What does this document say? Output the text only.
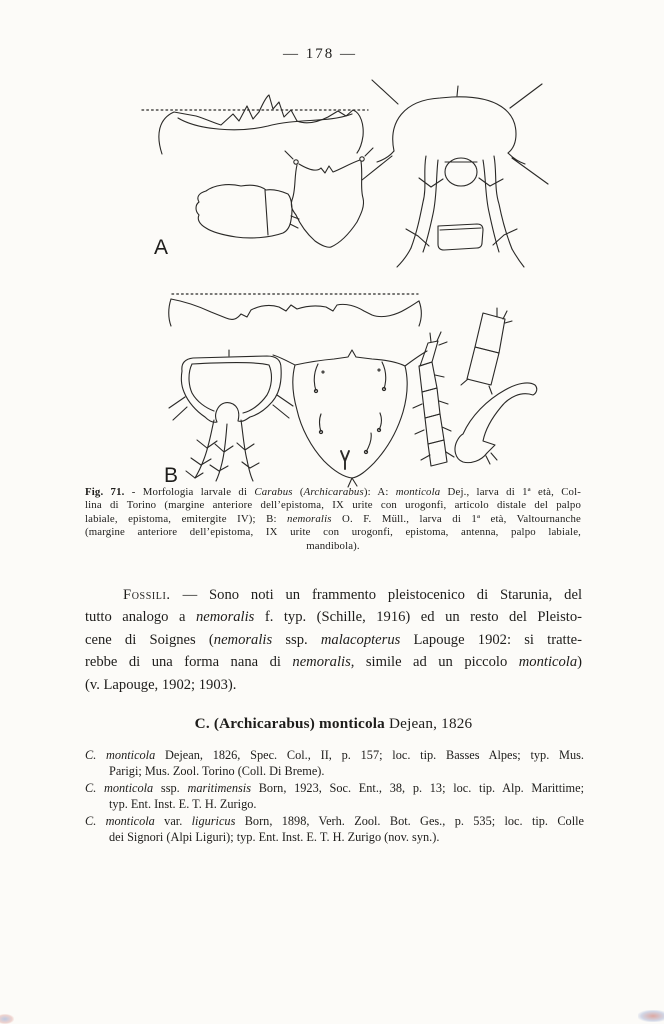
— 178 —
A
B
Fig. 71. - Morfologia larvale di Carabus (Archicarabus): A: monticola Dej., larva di 1ª età, Col-
lina di Torino (margine anteriore dell’epistoma, IX urite con urogonfi, articolo distale del palpo
labiale, epistoma, emitergite IV); B: nemoralis O. F. Müll., larva di 1ª età, Valtournanche
(margine anteriore dell’epistoma, IX urite con urogonfi, epistoma, antenna, palpo labiale,
mandibola).
Fossili. — Sono noti un frammento pleistocenico di Starunia, del
tutto analogo a nemoralis f. typ. (Schille, 1916) ed un resto del Pleisto-
cene di Soignes (nemoralis ssp. malacopterus Lapouge 1902: si tratte-
rebbe di una forma nana di nemoralis, simile ad un piccolo monticola)
(v. Lapouge, 1902; 1903).
C. (Archicarabus) monticola Dejean, 1826
C. monticola Dejean, 1826, Spec. Col., II, p. 157; loc. tip. Basses Alpes; typ. Mus.
Parigi; Mus. Zool. Torino (Coll. Di Breme).
C. monticola ssp. maritimensis Born, 1923, Soc. Ent., 38, p. 13; loc. tip. Alp. Marittime;
typ. Ent. Inst. E. T. H. Zurigo.
C. monticola var. liguricus Born, 1898, Verh. Zool. Bot. Ges., p. 535; loc. tip. Colle
dei Signori (Alpi Liguri); typ. Ent. Inst. E. T. H. Zurigo (nov. syn.).
